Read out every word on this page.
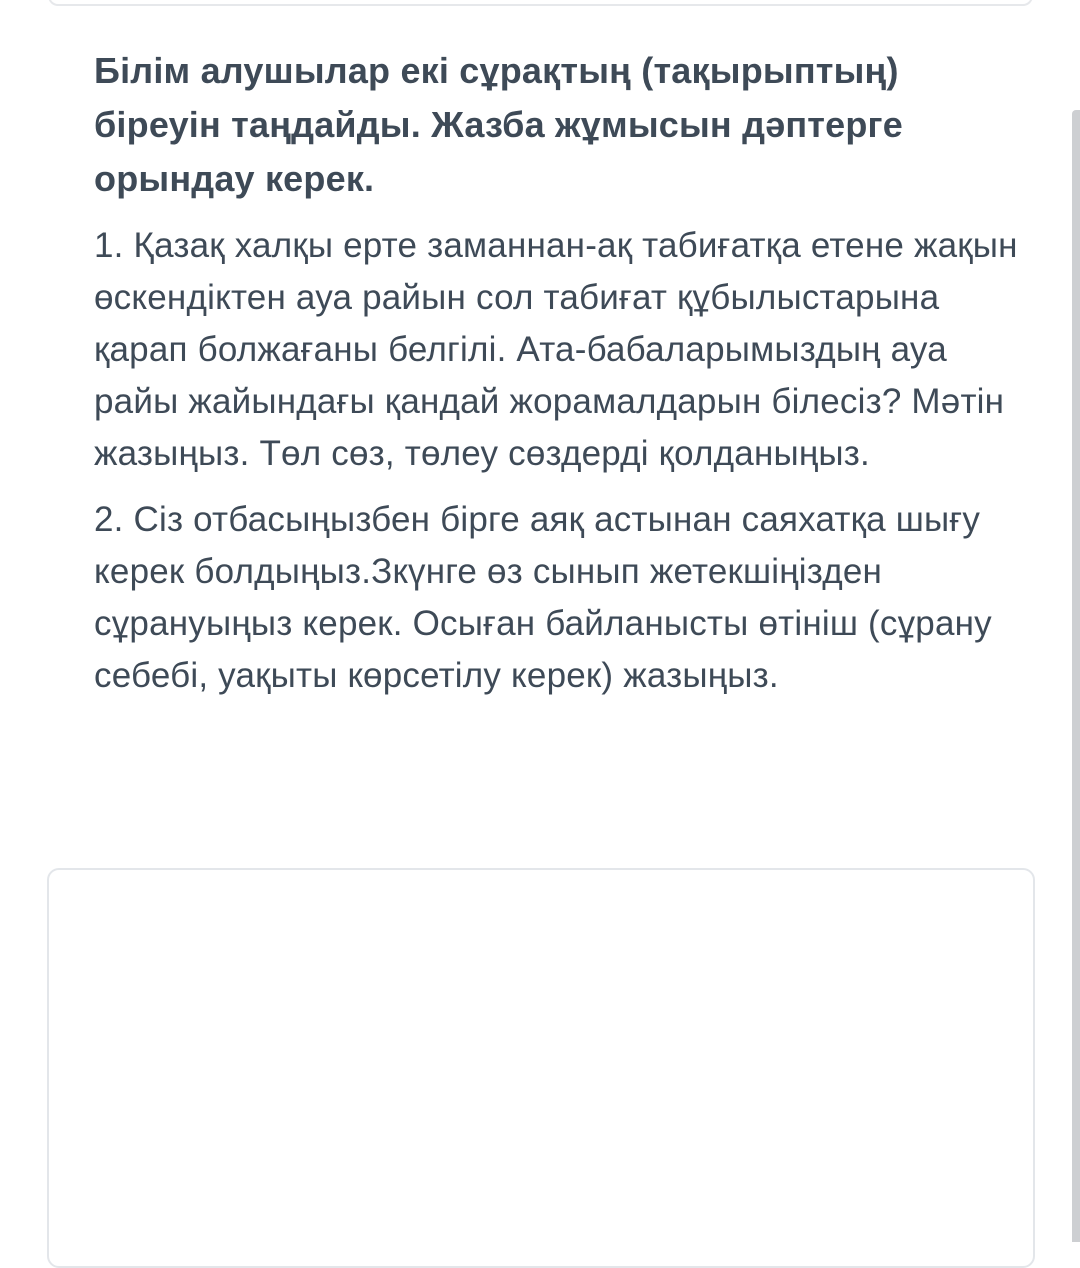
Білім алушылар екі сұрақтың (тақырыптың) біреуін таңдайды. Жазба жұмысын дәптерге орындау керек.

1. Қазақ халқы ерте заманнан-ақ табиғатқа етене жақын өскендіктен ауа райын сол табиғат құбылыстарына қарап болжағаны белгілі. Ата-бабаларымыздың ауа райы жайындағы қандай жорамалдарын білесіз? Мәтін жазыңыз. Төл сөз, төлеу сөздерді қолданыңыз.

2. Сіз отбасыңызбен бірге аяқ астынан саяхатқа шығу керек болдыңыз.Зкүнге өз сынып жетекшіңізден сұрануыңыз керек. Осыған байланысты өтініш (сұрану себебі, уақыты көрсетілу керек) жазыңыз.
